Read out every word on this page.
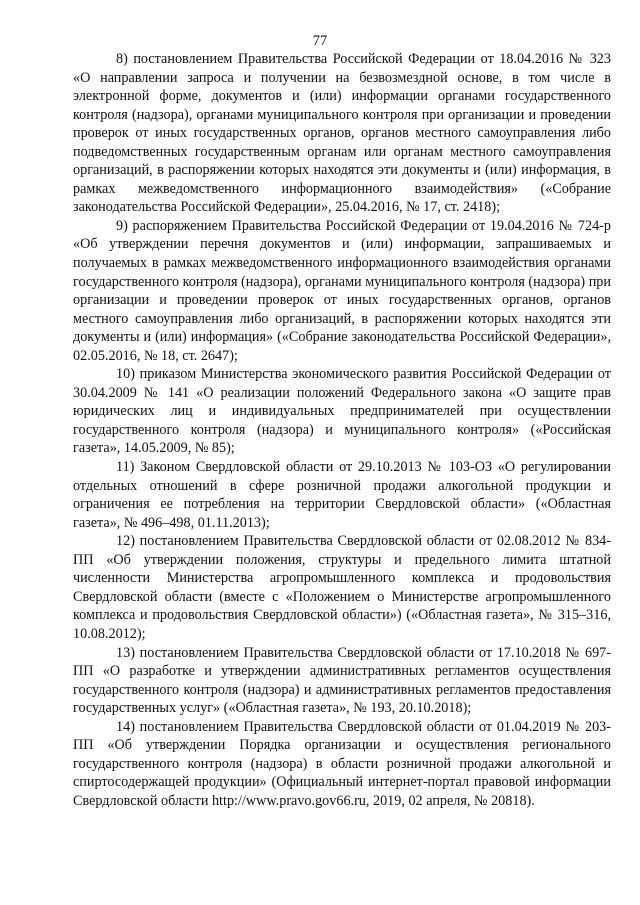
77

8) постановлением Правительства Российской Федерации от 18.04.2016 № 323 «О направлении запроса и получении на безвозмездной основе, в том числе в электронной форме, документов и (или) информации органами государственного контроля (надзора), органами муниципального контроля при организации и проведении проверок от иных государственных органов, органов местного самоуправления либо подведомственных государственным органам или органам местного самоуправления организаций, в распоряжении которых находятся эти документы и (или) информация, в рамках межведомственного информационного взаимодействия» («Собрание законодательства Российской Федерации», 25.04.2016, № 17, ст. 2418);

9) распоряжением Правительства Российской Федерации от 19.04.2016 № 724-р «Об утверждении перечня документов и (или) информации, запрашиваемых и получаемых в рамках межведомственного информационного взаимодействия органами государственного контроля (надзора), органами муниципального контроля (надзора) при организации и проведении проверок от иных государственных органов, органов местного самоуправления либо организаций, в распоряжении которых находятся эти документы и (или) информация» («Собрание законодательства Российской Федерации», 02.05.2016, № 18, ст. 2647);

10) приказом Министерства экономического развития Российской Федерации от 30.04.2009 № 141 «О реализации положений Федерального закона «О защите прав юридических лиц и индивидуальных предпринимателей при осуществлении государственного контроля (надзора) и муниципального контроля» («Российская газета», 14.05.2009, № 85);

11) Законом Свердловской области от 29.10.2013 № 103-ОЗ «О регулировании отдельных отношений в сфере розничной продажи алкогольной продукции и ограничения ее потребления на территории Свердловской области» («Областная газета», № 496–498, 01.11.2013);

12) постановлением Правительства Свердловской области от 02.08.2012 № 834-ПП «Об утверждении положения, структуры и предельного лимита штатной численности Министерства агропромышленного комплекса и продовольствия Свердловской области (вместе с «Положением о Министерстве агропромышленного комплекса и продовольствия Свердловской области») («Областная газета», № 315–316, 10.08.2012);

13) постановлением Правительства Свердловской области от 17.10.2018 № 697-ПП «О разработке и утверждении административных регламентов осуществления государственного контроля (надзора) и административных регламентов предоставления государственных услуг» («Областная газета», № 193, 20.10.2018);

14) постановлением Правительства Свердловской области от 01.04.2019 № 203-ПП «Об утверждении Порядка организации и осуществления регионального государственного контроля (надзора) в области розничной продажи алкогольной и спиртосодержащей продукции» (Официальный интернет-портал правовой информации Свердловской области http://www.pravo.gov66.ru, 2019, 02 апреля, № 20818).
